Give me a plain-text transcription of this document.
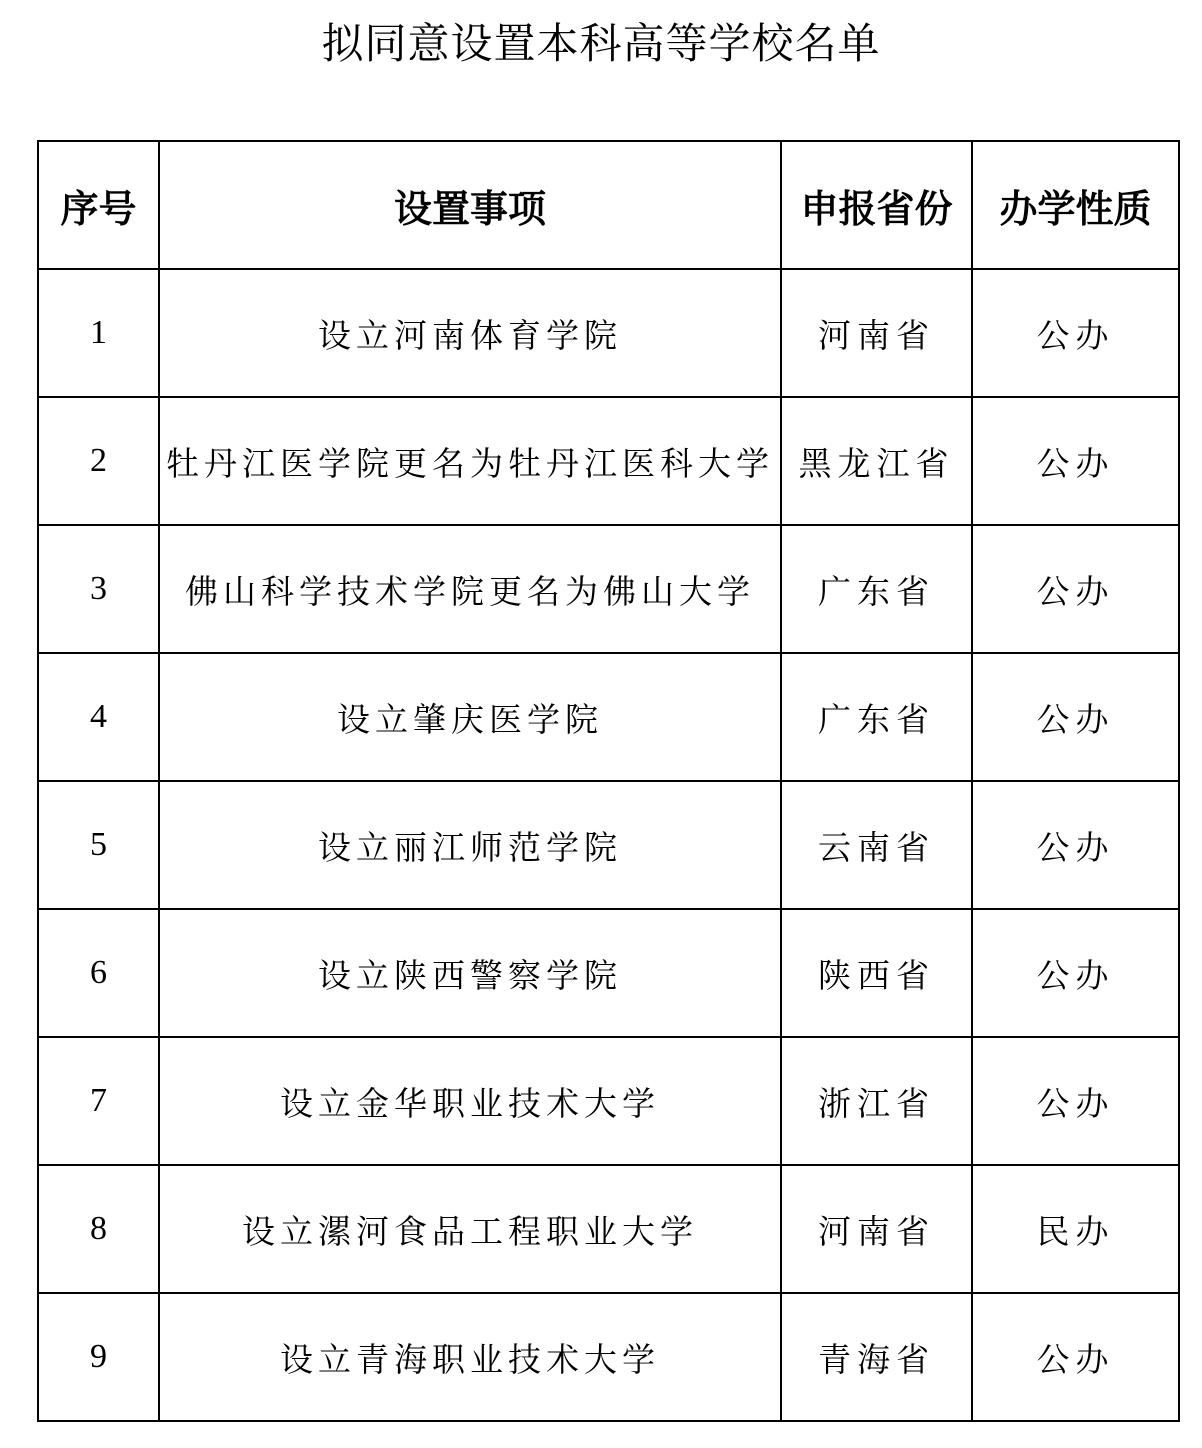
拟同意设置本科高等学校名单
序号	设置事项	申报省份	办学性质
1	设立河南体育学院	河南省	公办
2	牡丹江医学院更名为牡丹江医科大学	黑龙江省	公办
3	佛山科学技术学院更名为佛山大学	广东省	公办
4	设立肇庆医学院	广东省	公办
5	设立丽江师范学院	云南省	公办
6	设立陕西警察学院	陕西省	公办
7	设立金华职业技术大学	浙江省	公办
8	设立漯河食品工程职业大学	河南省	民办
9	设立青海职业技术大学	青海省	公办
